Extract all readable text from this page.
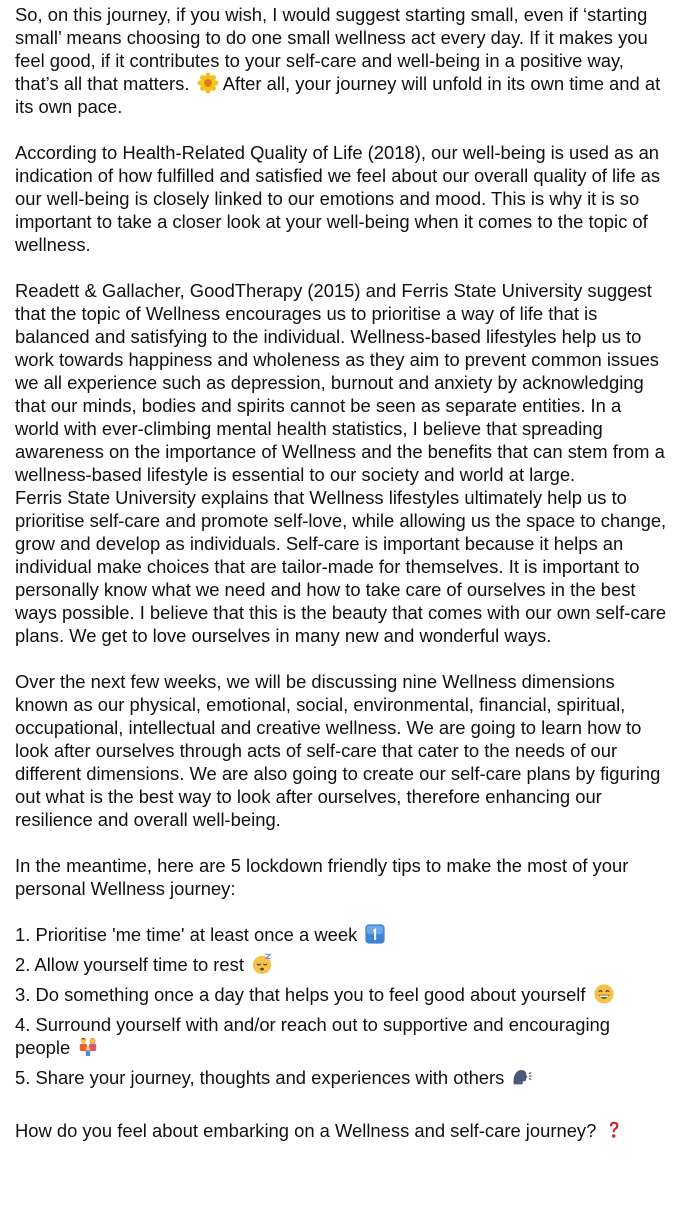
So, on this journey, if you wish, I would suggest starting small, even if ‘starting small’ means choosing to do one small wellness act every day. If it makes you feel good, if it contributes to your self-care and well-being in a positive way, that’s all that matters. After all, your journey will unfold in its own time and at its own pace.

According to Health-Related Quality of Life (2018), our well-being is used as an indication of how fulfilled and satisfied we feel about our overall quality of life as our well-being is closely linked to our emotions and mood. This is why it is so important to take a closer look at your well-being when it comes to the topic of wellness.

Readett & Gallacher, GoodTherapy (2015) and Ferris State University suggest that the topic of Wellness encourages us to prioritise a way of life that is balanced and satisfying to the individual. Wellness-based lifestyles help us to work towards happiness and wholeness as they aim to prevent common issues we all experience such as depression, burnout and anxiety by acknowledging that our minds, bodies and spirits cannot be seen as separate entities. In a world with ever-climbing mental health statistics, I believe that spreading awareness on the importance of Wellness and the benefits that can stem from a wellness-based lifestyle is essential to our society and world at large.

Ferris State University explains that Wellness lifestyles ultimately help us to prioritise self-care and promote self-love, while allowing us the space to change, grow and develop as individuals. Self-care is important because it helps an individual make choices that are tailor-made for themselves. It is important to personally know what we need and how to take care of ourselves in the best ways possible. I believe that this is the beauty that comes with our own self-care plans. We get to love ourselves in many new and wonderful ways.

Over the next few weeks, we will be discussing nine Wellness dimensions known as our physical, emotional, social, environmental, financial, spiritual, occupational, intellectual and creative wellness. We are going to learn how to look after ourselves through acts of self-care that cater to the needs of our different dimensions. We are also going to create our self-care plans by figuring out what is the best way to look after ourselves, therefore enhancing our resilience and overall well-being.

In the meantime, here are 5 lockdown friendly tips to make the most of your personal Wellness journey:

1. Prioritise 'me time' at least once a week

2. Allow yourself time to rest

3. Do something once a day that helps you to feel good about yourself

4. Surround yourself with and/or reach out to supportive and encouraging people

5. Share your journey, thoughts and experiences with others

How do you feel about embarking on a Wellness and self-care journey?
